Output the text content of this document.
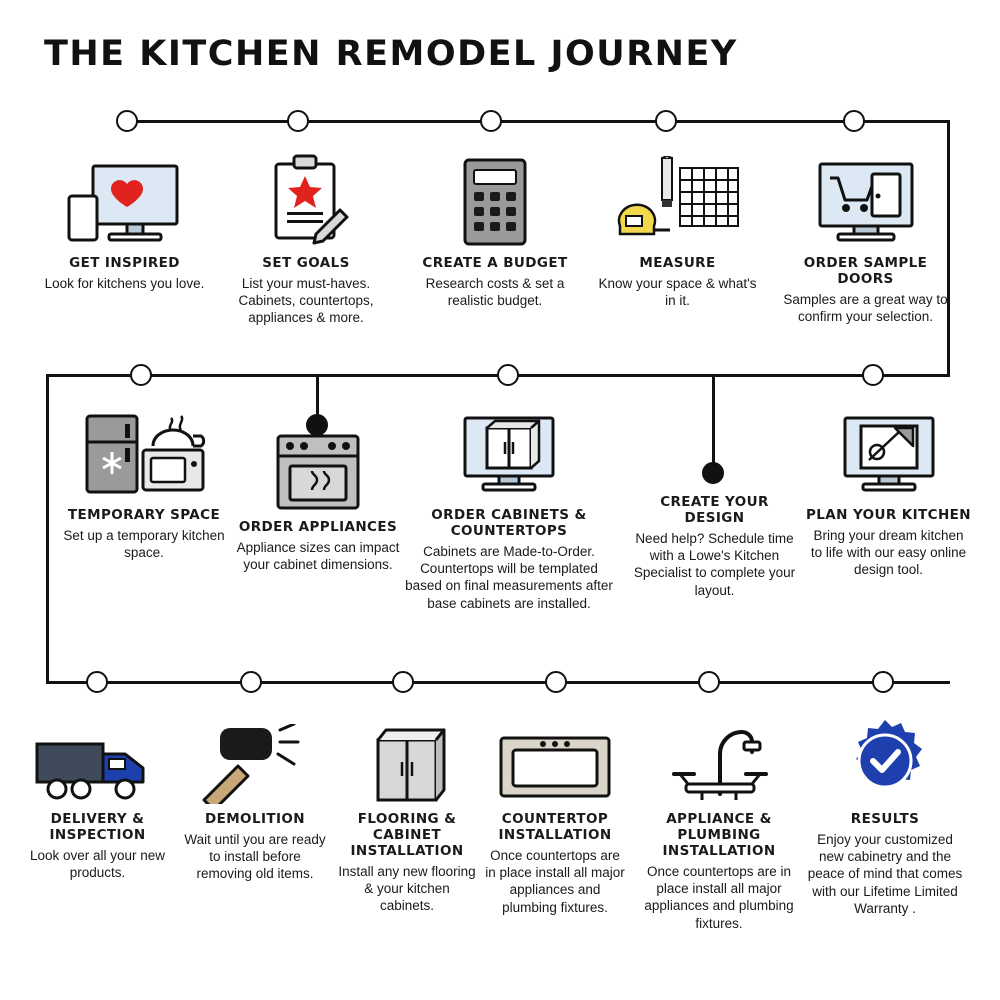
THE KITCHEN REMODEL JOURNEY
GET INSPIRED
Look for kitchens you love.
SET GOALS
List your must-haves. Cabinets, countertops, appliances & more.
CREATE A BUDGET
Research costs & set a realistic budget.
MEASURE
Know your space & what's in it.
ORDER SAMPLE DOORS
Samples are a great way to confirm your selection.
TEMPORARY SPACE
Set up a temporary kitchen space.
ORDER APPLIANCES
Appliance sizes can impact your cabinet dimensions.
ORDER CABINETS & COUNTERTOPS
Cabinets are Made-to-Order. Countertops will be templated based on final measurements after base cabinets are installed.
CREATE YOUR DESIGN
Need help? Schedule time with a Lowe's Kitchen Specialist to complete your layout.
PLAN YOUR KITCHEN
Bring your dream kitchen to life with our easy online design tool.
DELIVERY & INSPECTION
Look over all your new products.
DEMOLITION
Wait until you are ready to install before removing old items.
FLOORING & CABINET INSTALLATION
Install any new flooring & your kitchen cabinets.
COUNTERTOP INSTALLATION
Once countertops are in place install all major appliances and plumbing fixtures.
APPLIANCE & PLUMBING INSTALLATION
Once countertops are in place install all major appliances and plumbing fixtures.
RESULTS
Enjoy your customized new cabinetry and the peace of mind that comes with our Lifetime Limited Warranty .
